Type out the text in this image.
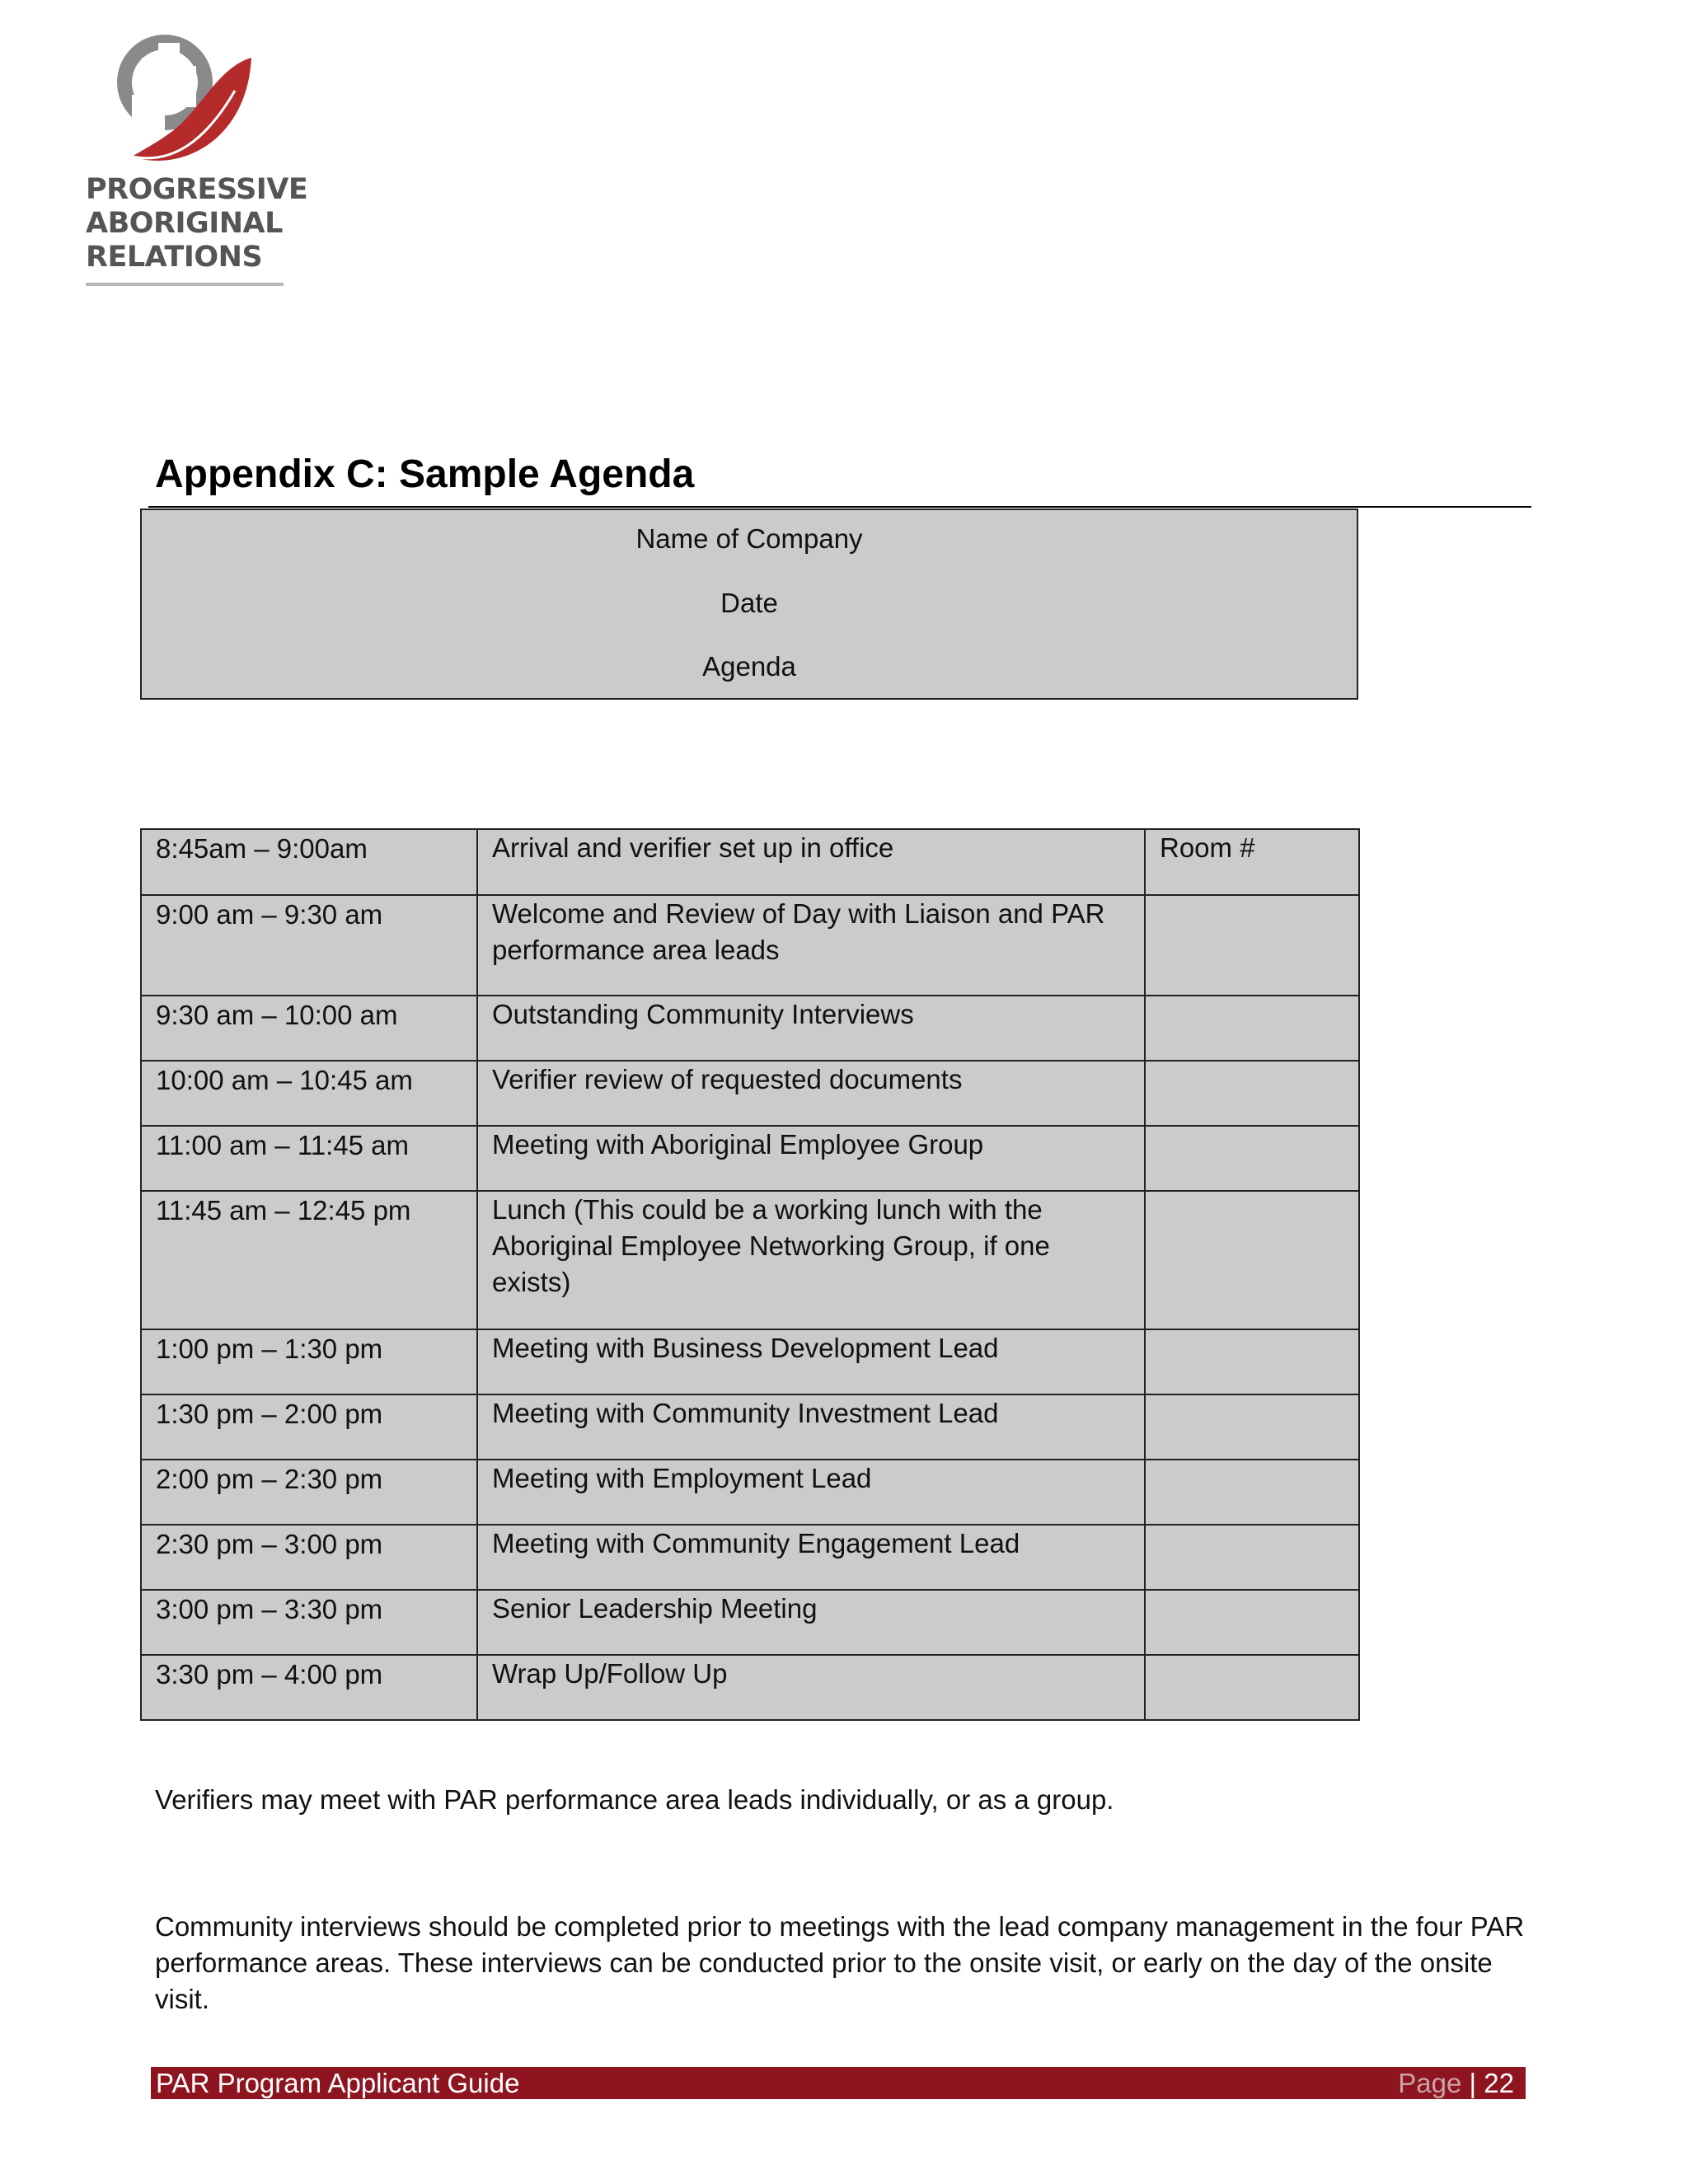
PROGRESSIVE
ABORIGINAL
RELATIONS
Appendix C: Sample Agenda
Name of Company
Date
Agenda
8:45am – 9:00am	Arrival and verifier set up in office	Room #
9:00 am – 9:30 am	Welcome and Review of Day with Liaison and PAR performance area leads	
9:30 am – 10:00 am	Outstanding Community Interviews	
10:00 am – 10:45 am	Verifier review of requested documents	
11:00 am – 11:45 am	Meeting with Aboriginal Employee Group	
11:45 am – 12:45 pm	Lunch (This could be a working lunch with the Aboriginal Employee Networking Group, if one exists)	
1:00 pm – 1:30 pm	Meeting with Business Development Lead	
1:30 pm – 2:00 pm	Meeting with Community Investment Lead	
2:00 pm – 2:30 pm	Meeting with Employment Lead	
2:30 pm – 3:00 pm	Meeting with Community Engagement Lead	
3:00 pm – 3:30 pm	Senior Leadership Meeting	
3:30 pm – 4:00 pm	Wrap Up/Follow Up	

Verifiers may meet with PAR performance area leads individually, or as a group.

Community interviews should be completed prior to meetings with the lead company management in the four PAR performance areas. These interviews can be conducted prior to the onsite visit, or early on the day of the onsite visit.

PAR Program Applicant Guide	Page | 22
